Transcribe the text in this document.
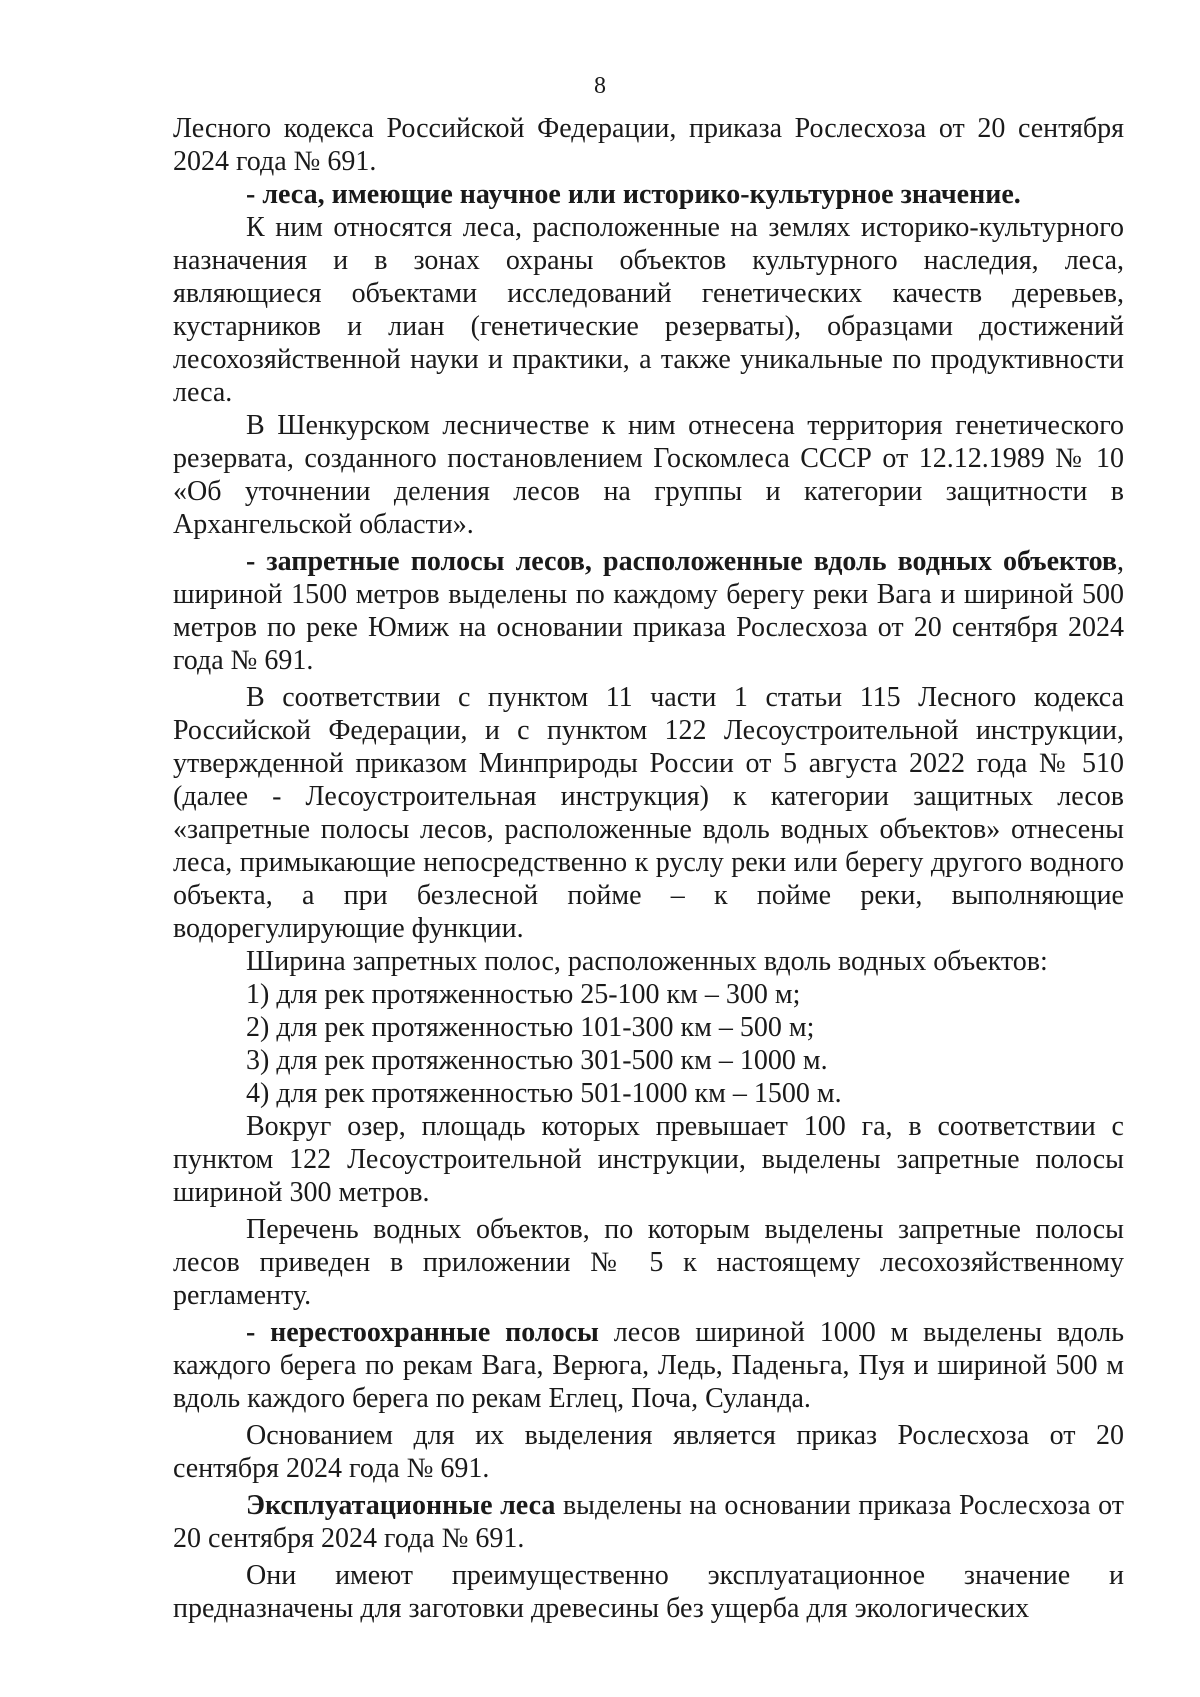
8

Лесного кодекса Российской Федерации, приказа Рослесхоза от 20 сентября 2024 года № 691.

- леса, имеющие научное или историко-культурное значение.

К ним относятся леса, расположенные на землях историко-культурного назначения и в зонах охраны объектов культурного наследия, леса, являющиеся объектами исследований генетических качеств деревьев, кустарников и лиан (генетические резерваты), образцами достижений лесохозяйственной науки и практики, а также уникальные по продуктивности леса.

В Шенкурском лесничестве к ним отнесена территория генетического резервата, созданного постановлением Госкомлеса СССР от 12.12.1989 № 10 «Об уточнении деления лесов на группы и категории защитности в Архангельской области».

- запретные полосы лесов, расположенные вдоль водных объектов, шириной 1500 метров выделены по каждому берегу реки Вага и шириной 500 метров по реке Юмиж на основании приказа Рослесхоза от 20 сентября 2024 года № 691.

В соответствии с пунктом 11 части 1 статьи 115 Лесного кодекса Российской Федерации, и с пунктом 122 Лесоустроительной инструкции, утвержденной приказом Минприроды России от 5 августа 2022 года № 510 (далее - Лесоустроительная инструкция) к категории защитных лесов «запретные полосы лесов, расположенные вдоль водных объектов» отнесены леса, примыкающие непосредственно к руслу реки или берегу другого водного объекта, а при безлесной пойме – к пойме реки, выполняющие водорегулирующие функции.

Ширина запретных полос, расположенных вдоль водных объектов:

1) для рек протяженностью 25-100 км – 300 м;

2) для рек протяженностью 101-300 км – 500 м;

3) для рек протяженностью 301-500 км – 1000 м.

4) для рек протяженностью 501-1000 км – 1500 м.

Вокруг озер, площадь которых превышает 100 га, в соответствии с пунктом 122 Лесоустроительной инструкции, выделены запретные полосы шириной 300 метров.

Перечень водных объектов, по которым выделены запретные полосы лесов приведен в приложении № 5 к настоящему лесохозяйственному регламенту.

- нерестоохранные полосы лесов шириной 1000 м выделены вдоль каждого берега по рекам Вага, Верюга, Ледь, Паденьга, Пуя и шириной 500 м вдоль каждого берега по рекам Еглец, Поча, Суланда.

Основанием для их выделения является приказ Рослесхоза от 20 сентября 2024 года № 691.

Эксплуатационные леса выделены на основании приказа Рослесхоза от 20 сентября 2024 года № 691.

Они имеют преимущественно эксплуатационное значение и предназначены для заготовки древесины без ущерба для экологических
